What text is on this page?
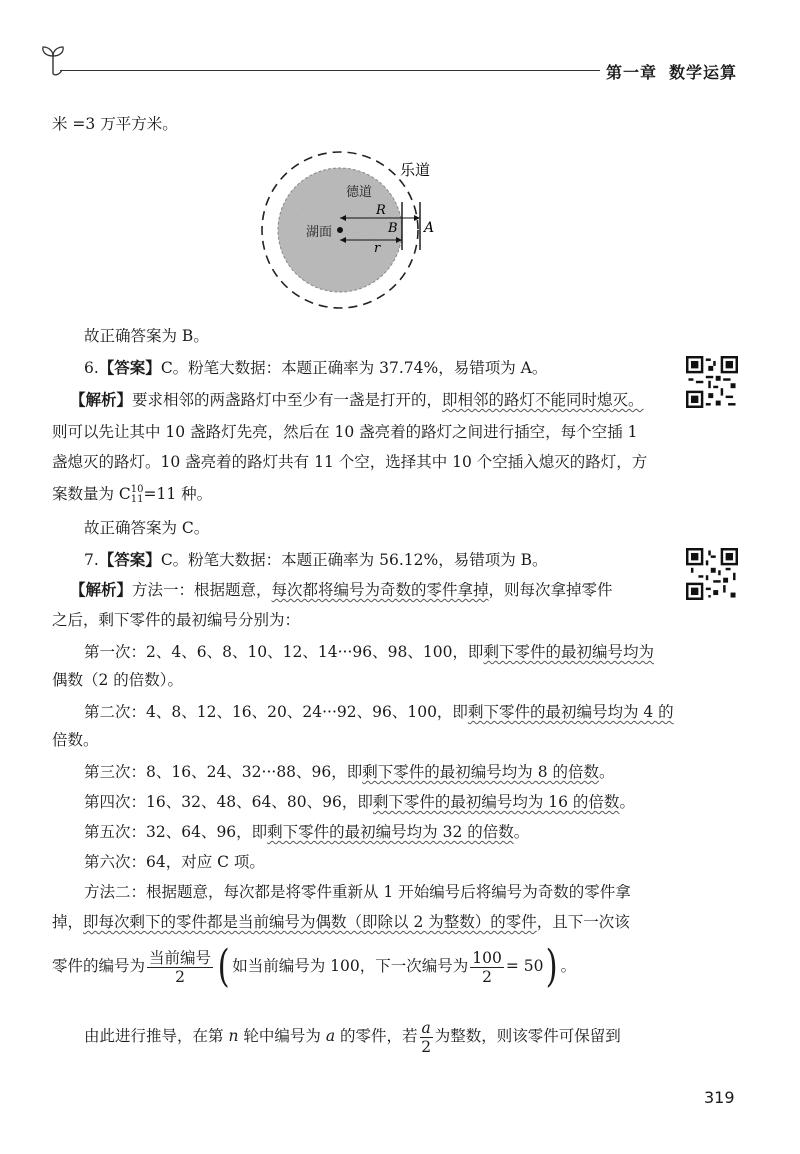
第一章 数学运算
米 =3 万平方米。
乐道
德道
湖面
R
r
B A
故正确答案为 B。
6.【答案】C。粉笔大数据：本题正确率为 37.74%，易错项为 A。
【解析】要求相邻的两盏路灯中至少有一盏是打开的，即相邻的路灯不能同时熄灭。
则可以先让其中 10 盏路灯先亮，然后在 10 盏亮着的路灯之间进行插空，每个空插 1
盏熄灭的路灯。10 盏亮着的路灯共有 11 个空，选择其中 10 个空插入熄灭的路灯，方
案数量为 C 10
11 =11 种。
故正确答案为 C。
7.【答案】C。粉笔大数据：本题正确率为 56.12%，易错项为 B。
【解析】方法一：根据题意，每次都将编号为奇数的零件拿掉，则每次拿掉零件
之后，剩下零件的最初编号分别为：
第一次：2、4、6、8、10、12、14···96、98、100，即剩下零件的最初编号均为
偶数（2 的倍数）。
第二次：4、8、12、16、20、24···92、96、100，即剩下零件的最初编号均为 4 的
倍数。
第三次：8、16、24、32···88、96，即剩下零件的最初编号均为 8 的倍数。
第四次：16、32、48、64、80、96，即剩下零件的最初编号均为 16 的倍数。
第五次：32、64、96，即剩下零件的最初编号均为 32 的倍数。
第六次：64，对应 C 项。
方法二：根据题意，每次都是将零件重新从 1 开始编号后将编号为奇数的零件拿
掉，即每次剩下的零件都是当前编号为偶数（即除以 2 为整数）的零件，且下一次该
零件的编号为 $\frac{\text{当前编号}}{2}$ ( 如当前编号为 100，下一次编号为 $\frac{100}{2} = 50$) 。
由此进行推导，在第 n 轮中编号为 a 的零件，若 $\frac{a}{2}$ 为整数，则该零件可保留到
319
